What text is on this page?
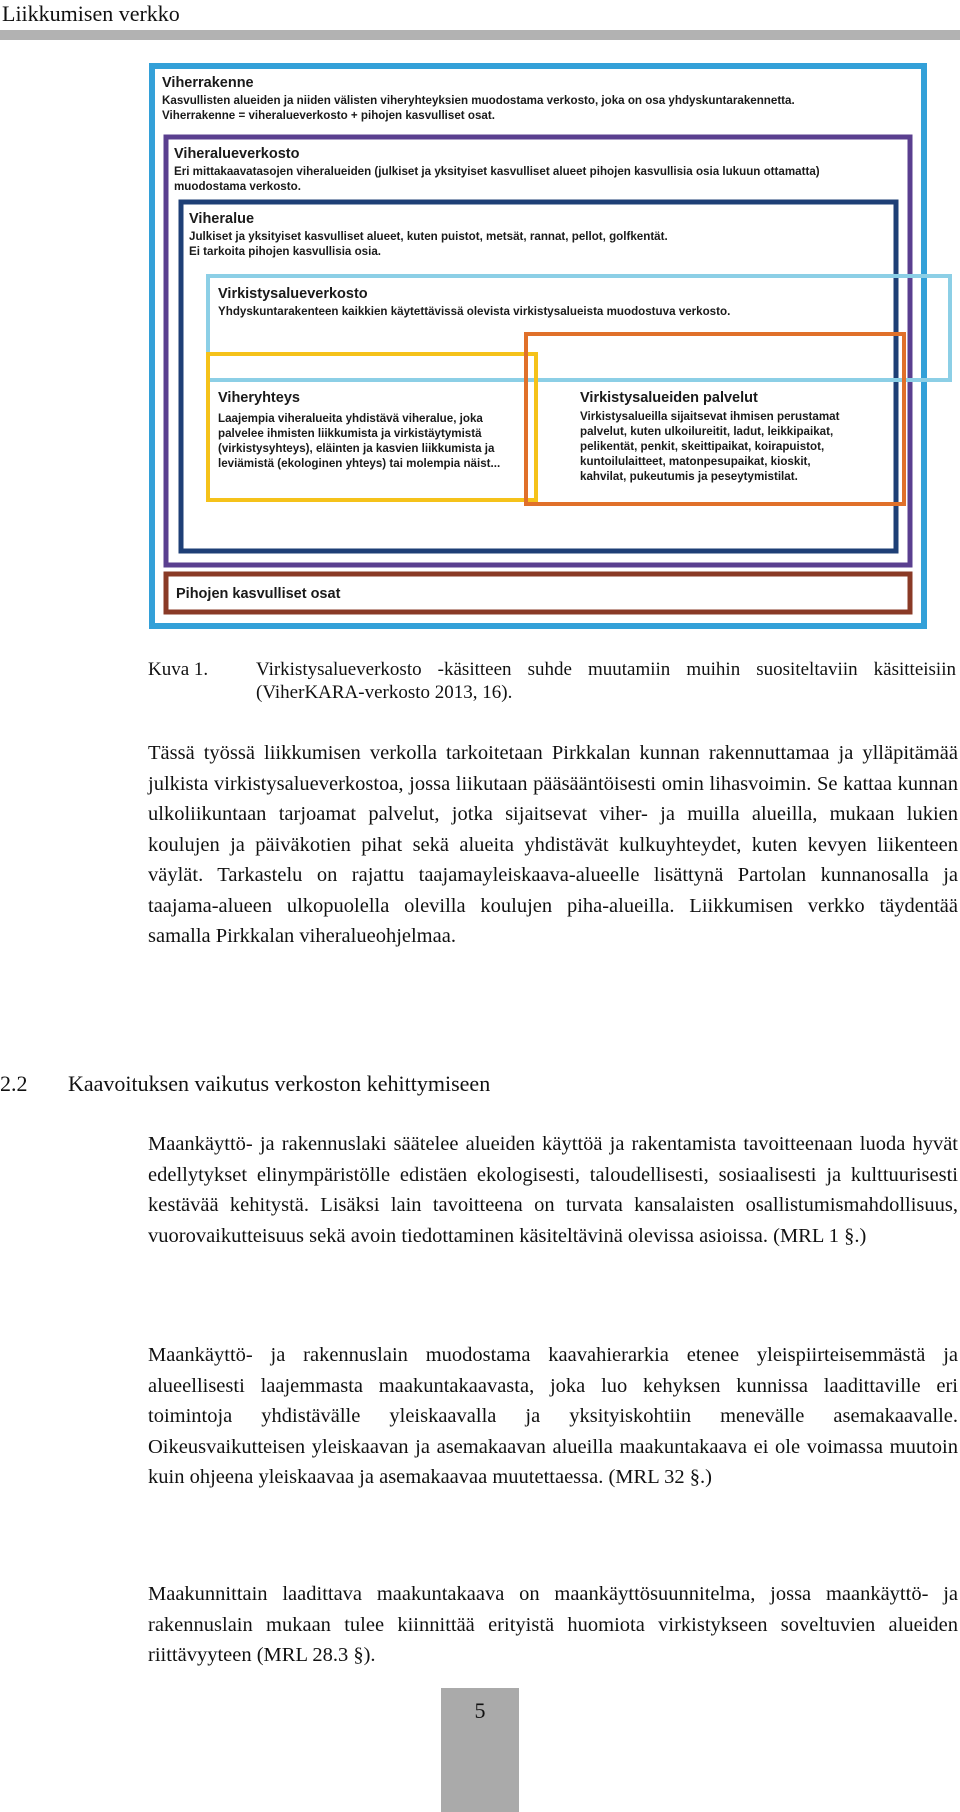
Liikkumisen verkko
Viherrakenne
Kasvullisten alueiden ja niiden välisten viheryhteyksien muodostama verkosto, joka on osa yhdyskuntarakennetta.
Viherrakenne = viheralueverkosto + pihojen kasvulliset osat.
Pihojen kasvulliset osat
Viheralueverkosto
Eri mittakaavatasojen viheralueiden (julkiset ja yksityiset kasvulliset alueet pihojen kasvullisia osia lukuun ottamatta)
muodostama verkosto.
Viheralue
Julkiset ja yksityiset kasvulliset alueet, kuten puistot, metsät, rannat, pellot, golfkentät.
Ei tarkoita pihojen kasvullisia osia.
Virkistysalueverkosto
Yhdyskuntarakenteen kaikkien käytettävissä olevista virkistysalueista muodostuva verkosto.
Viheryhteys
Laajempia viheralueita yhdistävä viheralue, joka
palvelee ihmisten liikkumista ja virkistäytymistä
(virkistysyhteys), eläinten ja kasvien liikkumista ja
leviämistä (ekologinen yhteys) tai molempia näist...
Virkistysalueiden palvelut
Virkistysalueilla sijaitsevat ihmisen perustamat
palvelut, kuten ulkoilureitit, ladut, leikkipaikat,
pelikentät, penkit, skeittipaikat, koirapuistot,
kuntoilulaitteet, matonpesupaikat, kioskit,
kahvilat, pukeutumis ja peseytymistilat.
Kuva 1.	Virkistysalueverkosto -käsitteen suhde muutamiin muihin suositeltaviin käsitteisiin (ViherKARA-verkosto 2013, 16).

Tässä työssä liikkumisen verkolla tarkoitetaan Pirkkalan kunnan rakennuttamaa ja ylläpitämää julkista virkistysalueverkostoa, jossa liikutaan pääsääntöisesti omin lihasvoimin. Se kattaa kunnan ulkoliikuntaan tarjoamat palvelut, jotka sijaitsevat viher- ja muilla alueilla, mukaan lukien koulujen ja päiväkotien pihat sekä alueita yhdistävät kulkuyhteydet, kuten kevyen liikenteen väylät. Tarkastelu on rajattu taajamayleiskaava-alueelle lisättynä Partolan kunnanosalla ja taajama-alueen ulkopuolella olevilla koulujen piha-alueilla. Liikkumisen verkko täydentää samalla Pirkkalan viheralueohjelmaa.

2.2 Kaavoituksen vaikutus verkoston kehittymiseen

Maankäyttö- ja rakennuslaki säätelee alueiden käyttöä ja rakentamista tavoitteenaan luoda hyvät edellytykset elinympäristölle edistäen ekologisesti, taloudellisesti, sosiaalisesti ja kulttuurisesti kestävää kehitystä. Lisäksi lain tavoitteena on turvata kansalaisten osallistumismahdollisuus, vuorovaikutteisuus sekä avoin tiedottaminen käsiteltävinä olevissa asioissa. (MRL 1 §.)

Maankäyttö- ja rakennuslain muodostama kaavahierarkia etenee yleispiirteisemmästä ja alueellisesti laajemmasta maakuntakaavasta, joka luo kehyksen kunnissa laadittaville eri toimintoja yhdistävälle yleiskaavalla ja yksityiskohtiin menevälle asemakaavalle. Oikeusvaikutteisen yleiskaavan ja asemakaavan alueilla maakuntakaava ei ole voimassa muutoin kuin ohjeena yleiskaavaa ja asemakaavaa muutettaessa. (MRL 32 §.)

Maakunnittain laadittava maakuntakaava on maankäyttösuunnitelma, jossa maankäyttö- ja rakennuslain mukaan tulee kiinnittää erityistä huomiota virkistykseen soveltuvien alueiden riittävyyteen (MRL 28.3 §).

5
